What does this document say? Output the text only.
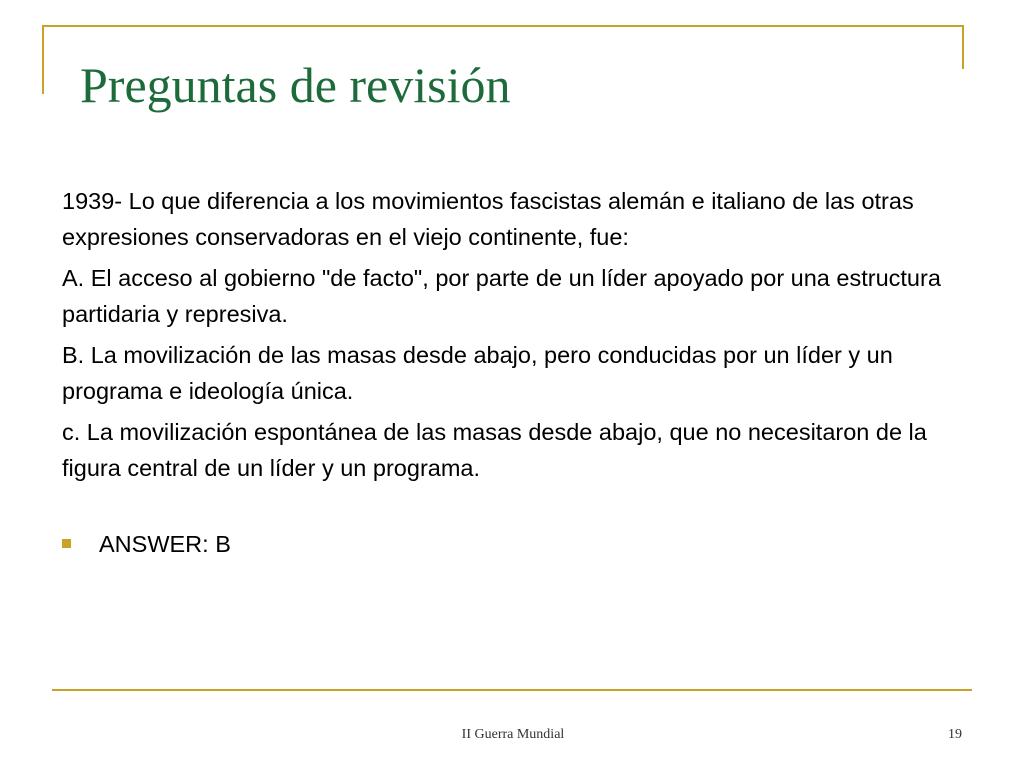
Preguntas de revisión

1939- Lo que diferencia a los movimientos fascistas alemán e italiano de las otras expresiones conservadoras en el viejo continente, fue:

A. El acceso al gobierno "de facto", por parte de un líder apoyado por una estructura partidaria y represiva.

B. La movilización de las masas desde abajo, pero conducidas por un líder y un programa e ideología única.

c. La movilización espontánea de las masas desde abajo, que no necesitaron de la figura central de un líder y un programa.

ANSWER: B
II Guerra Mundial	19
